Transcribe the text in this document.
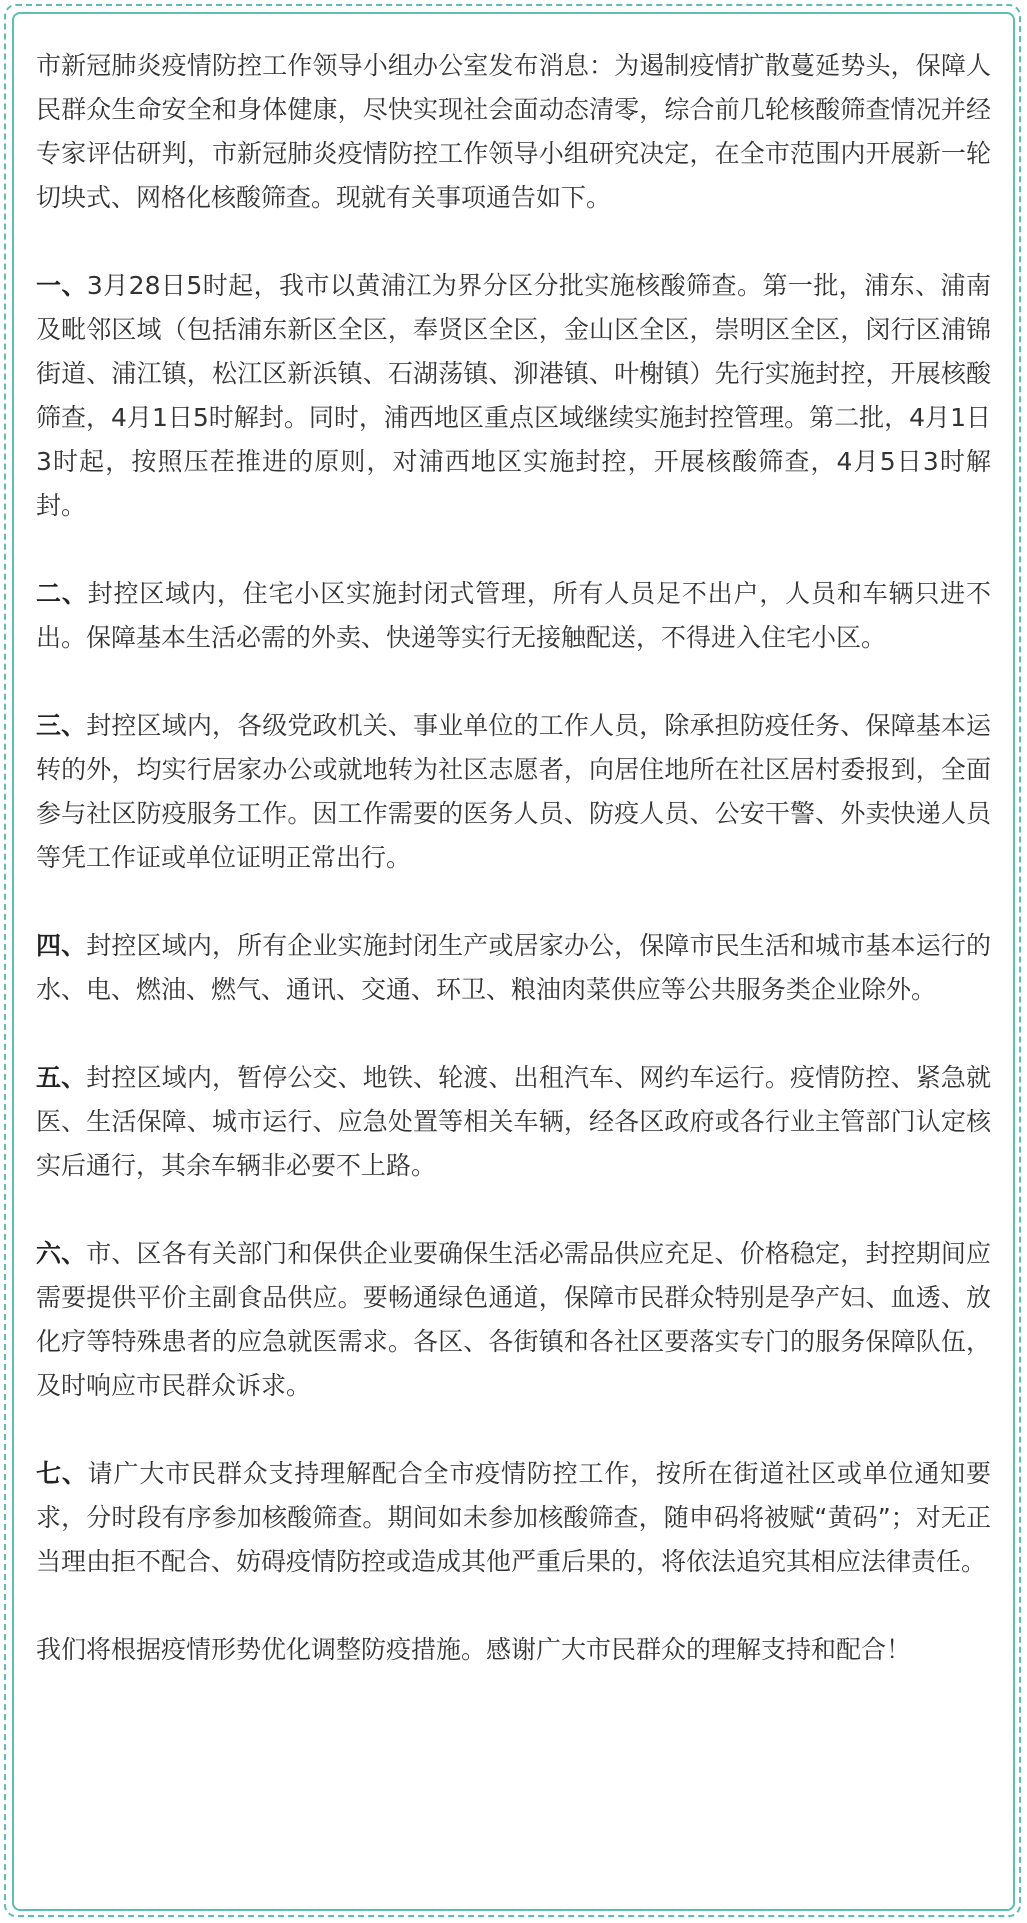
市新冠肺炎疫情防控工作领导小组办公室发布消息：为遏制疫情扩散蔓延势头，保障人民群众生命安全和身体健康，尽快实现社会面动态清零，综合前几轮核酸筛查情况并经专家评估研判，市新冠肺炎疫情防控工作领导小组研究决定，在全市范围内开展新一轮切块式、网格化核酸筛查。现就有关事项通告如下。

一、3月28日5时起，我市以黄浦江为界分区分批实施核酸筛查。第一批，浦东、浦南及毗邻区域（包括浦东新区全区，奉贤区全区，金山区全区，崇明区全区，闵行区浦锦街道、浦江镇，松江区新浜镇、石湖荡镇、泖港镇、叶榭镇）先行实施封控，开展核酸筛查，4月1日5时解封。同时，浦西地区重点区域继续实施封控管理。第二批，4月1日3时起，按照压茬推进的原则，对浦西地区实施封控，开展核酸筛查，4月5日3时解封。

二、封控区域内，住宅小区实施封闭式管理，所有人员足不出户，人员和车辆只进不出。保障基本生活必需的外卖、快递等实行无接触配送，不得进入住宅小区。

三、封控区域内，各级党政机关、事业单位的工作人员，除承担防疫任务、保障基本运转的外，均实行居家办公或就地转为社区志愿者，向居住地所在社区居村委报到，全面参与社区防疫服务工作。因工作需要的医务人员、防疫人员、公安干警、外卖快递人员等凭工作证或单位证明正常出行。

四、封控区域内，所有企业实施封闭生产或居家办公，保障市民生活和城市基本运行的水、电、燃油、燃气、通讯、交通、环卫、粮油肉菜供应等公共服务类企业除外。

五、封控区域内，暂停公交、地铁、轮渡、出租汽车、网约车运行。疫情防控、紧急就医、生活保障、城市运行、应急处置等相关车辆，经各区政府或各行业主管部门认定核实后通行，其余车辆非必要不上路。

六、市、区各有关部门和保供企业要确保生活必需品供应充足、价格稳定，封控期间应需要提供平价主副食品供应。要畅通绿色通道，保障市民群众特别是孕产妇、血透、放化疗等特殊患者的应急就医需求。各区、各街镇和各社区要落实专门的服务保障队伍，及时响应市民群众诉求。

七、请广大市民群众支持理解配合全市疫情防控工作，按所在街道社区或单位通知要求，分时段有序参加核酸筛查。期间如未参加核酸筛查，随申码将被赋“黄码”；对无正当理由拒不配合、妨碍疫情防控或造成其他严重后果的，将依法追究其相应法律责任。

我们将根据疫情形势优化调整防疫措施。感谢广大市民群众的理解支持和配合！
